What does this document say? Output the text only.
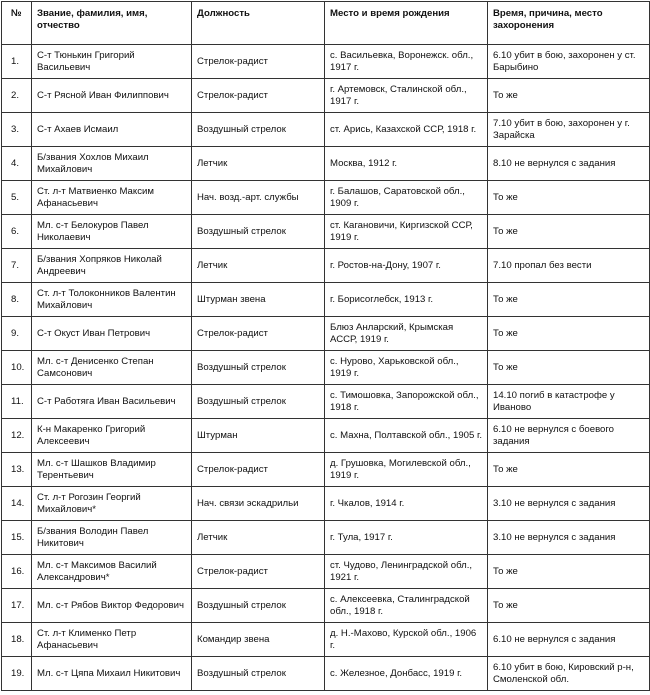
№	Звание, фамилия, имя, отчество	Должность	Место и время рождения	Время, причина, место захоронения
1.	С-т Тюнькин Григорий Васильевич	Стрелок-радист	с. Васильевка, Воронежск. обл., 1917 г.	6.10 убит в бою, захоронен у ст. Барыбино
2.	С-т Рясной Иван Филиппович	Стрелок-радист	г. Артемовск, Сталинской обл., 1917 г.	То же
3.	С-т Ахаев Исмаил	Воздушный стрелок	ст. Арись, Казахской ССР, 1918 г.	7.10 убит в бою, захоронен у г. Зарайска
4.	Б/звания Хохлов Михаил Михайлович	Летчик	Москва, 1912 г.	8.10 не вернулся с задания
5.	Ст. л-т Матвиенко Максим Афанасьевич	Нач. возд.-арт. службы	г. Балашов, Саратовской обл., 1909 г.	То же
6.	Мл. с-т Белокуров Павел Николаевич	Воздушный стрелок	ст. Кагановичи, Киргизской ССР, 1919 г.	То же
7.	Б/звания Хопряков Николай Андреевич	Летчик	г. Ростов-на-Дону, 1907 г.	7.10 пропал без вести
8.	Ст. л-т Толоконников Валентин Михайлович	Штурман звена	г. Борисоглебск, 1913 г.	То же
9.	С-т Окуст Иван Петрович	Стрелок-радист	Блюз Анларский, Крымская АССР, 1919 г.	То же
10.	Мл. с-т Денисенко Степан Самсонович	Воздушный стрелок	с. Нурово, Харьковской обл., 1919 г.	То же
11.	С-т Работяга Иван Васильевич	Воздушный стрелок	с. Тимошовка, Запорожской обл., 1918 г.	14.10 погиб в катастрофе у Иваново
12.	К-н Макаренко Григорий Алексеевич	Штурман	с. Махна, Полтавской обл., 1905 г.	6.10 не вернулся с боевого задания
13.	Мл. с-т Шашков Владимир Терентьевич	Стрелок-радист	д. Грушовка, Могилевской обл., 1919 г.	То же
14.	Ст. л-т Рогозин Георгий Михайлович*	Нач. связи эскадрильи	г. Чкалов, 1914 г.	3.10 не вернулся с задания
15.	Б/звания Володин Павел Никитович	Летчик	г. Тула, 1917 г.	3.10 не вернулся с задания
16.	Мл. с-т Максимов Василий Александрович*	Стрелок-радист	ст. Чудово, Ленинградской обл., 1921 г.	То же
17.	Мл. с-т Рябов Виктор Федорович	Воздушный стрелок	с. Алексеевка, Сталинградской обл., 1918 г.	То же
18.	Ст. л-т Клименко Петр Афанасьевич	Командир звена	д. Н.-Махово, Курской обл., 1906 г.	6.10 не вернулся с задания
19.	Мл. с-т Цяпа Михаил Никитович	Воздушный стрелок	с. Железное, Донбасс, 1919 г.	6.10 убит в бою, Кировский р-н, Смоленской обл.
